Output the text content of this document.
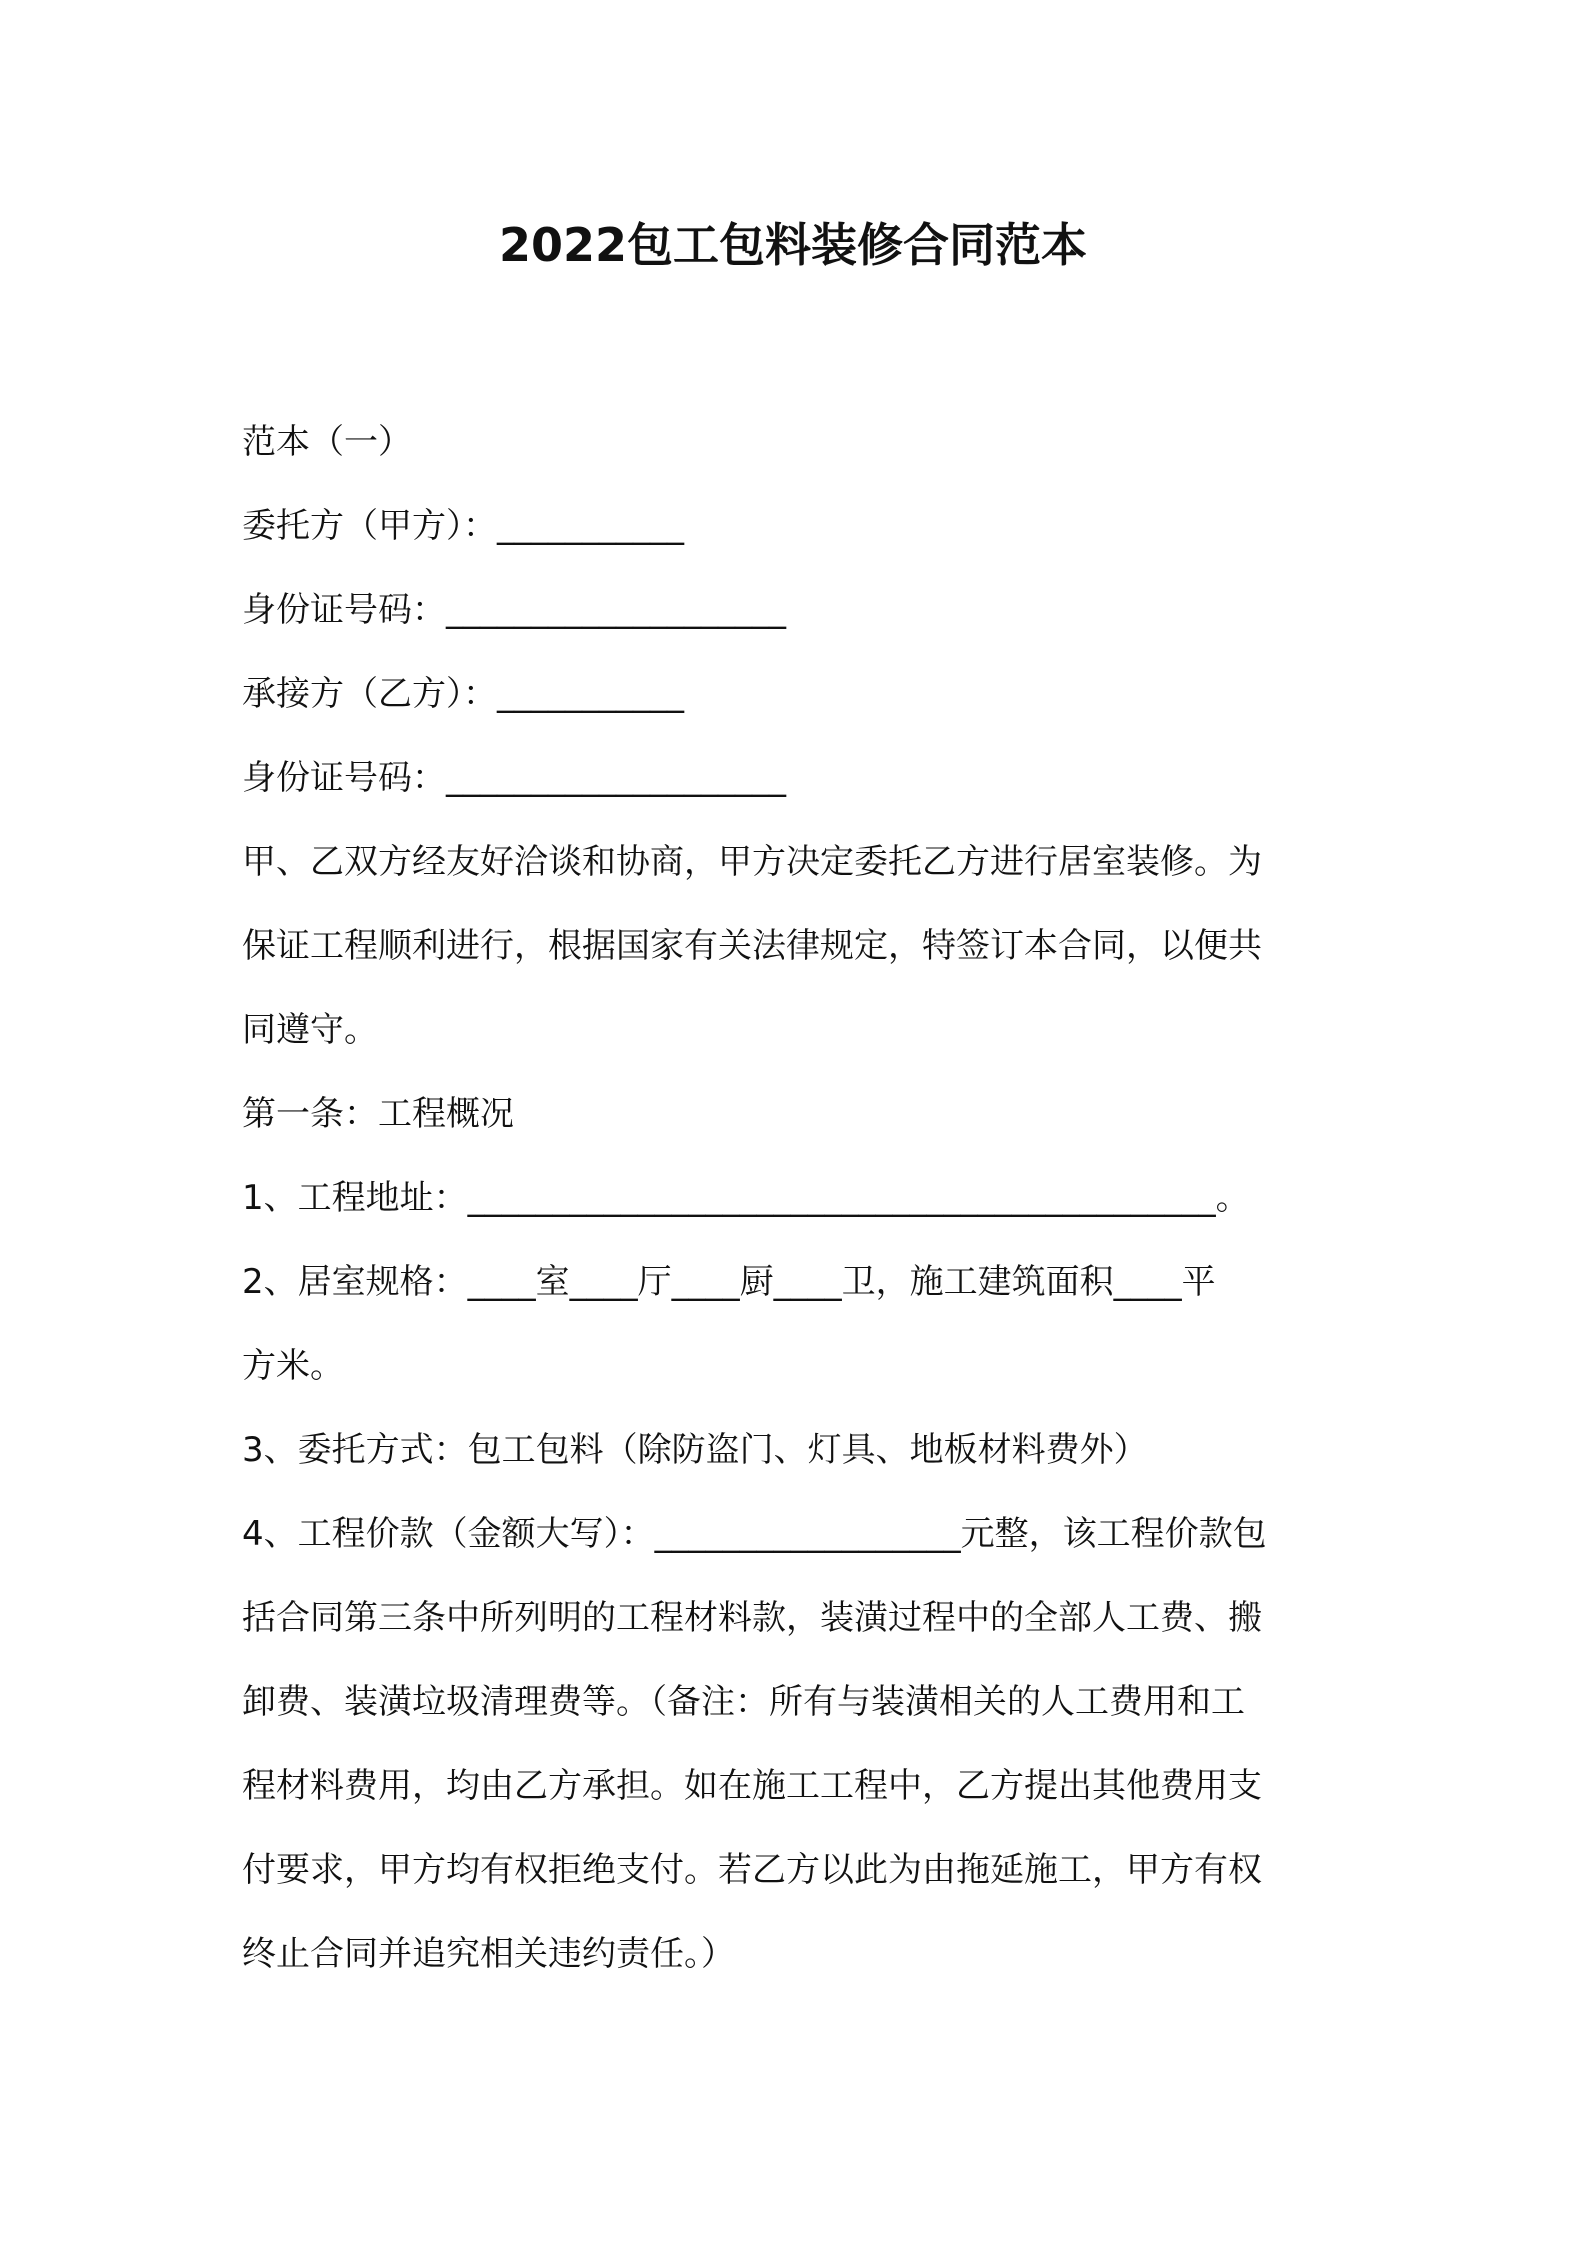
2022包工包料装修合同范本

范本（一）

委托方（甲方）：___________

身份证号码：____________________

承接方（乙方）：___________

身份证号码：____________________

甲、乙双方经友好洽谈和协商，甲方决定委托乙方进行居室装修。为

保证工程顺利进行，根据国家有关法律规定，特签订本合同，以便共

同遵守。

第一条：工程概况

1、工程地址：____________________________________________。

2、居室规格：____室____厅____厨____卫，施工建筑面积____平

方米。

3、委托方式：包工包料（除防盗门、灯具、地板材料费外）

4、工程价款（金额大写）：__________________元整，该工程价款包

括合同第三条中所列明的工程材料款，装潢过程中的全部人工费、搬

卸费、装潢垃圾清理费等。（备注：所有与装潢相关的人工费用和工

程材料费用，均由乙方承担。如在施工工程中，乙方提出其他费用支

付要求，甲方均有权拒绝支付。若乙方以此为由拖延施工，甲方有权

终止合同并追究相关违约责任。）
